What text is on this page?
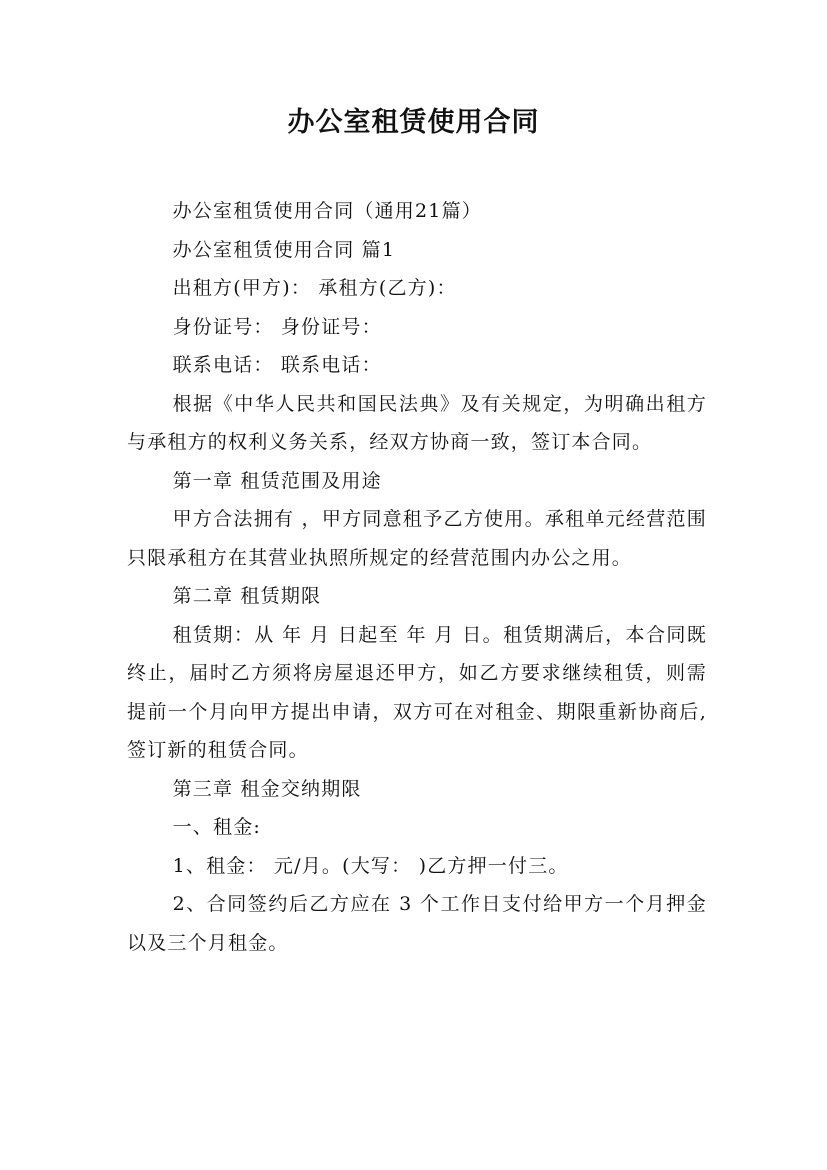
办公室租赁使用合同

办公室租赁使用合同（通用21篇）

办公室租赁使用合同 篇1

出租方(甲方)： 承租方(乙方)：

身份证号： 身份证号：

联系电话： 联系电话：

根据《中华人民共和国民法典》及有关规定，为明确出租方与承租方的权利义务关系，经双方协商一致，签订本合同。

第一章 租赁范围及用途

甲方合法拥有 ，甲方同意租予乙方使用。承租单元经营范围只限承租方在其营业执照所规定的经营范围内办公之用。

第二章 租赁期限

租赁期：从 年 月 日起至 年 月 日。租赁期满后，本合同既终止，届时乙方须将房屋退还甲方，如乙方要求继续租赁，则需提前一个月向甲方提出申请，双方可在对租金、期限重新协商后,签订新的租赁合同。

第三章 租金交纳期限

一、租金:

1、租金： 元/月。(大写： )乙方押一付三。

2、合同签约后乙方应在 3 个工作日支付给甲方一个月押金以及三个月租金。
